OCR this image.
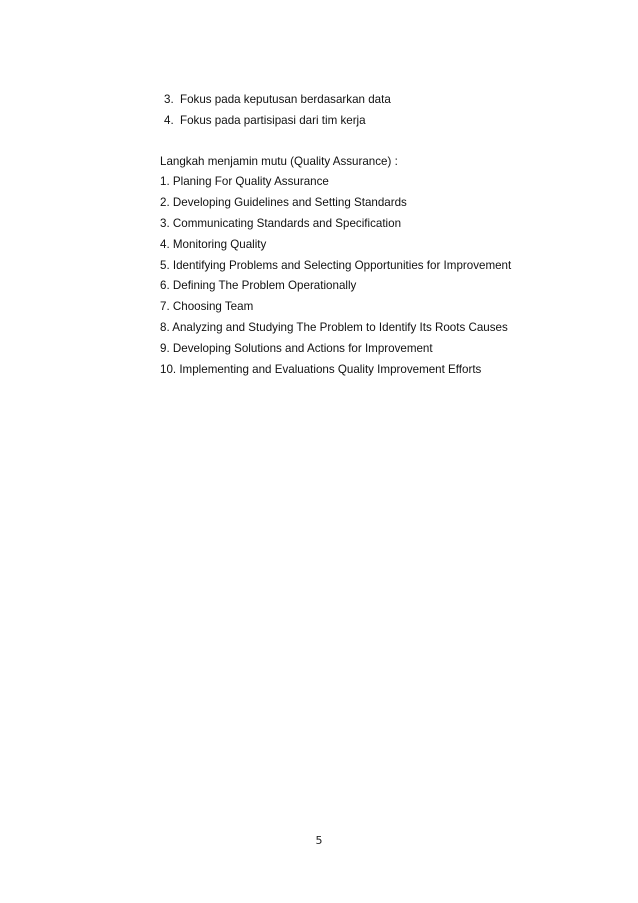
3. Fokus pada keputusan berdasarkan data
4. Fokus pada partisipasi dari tim kerja
Langkah menjamin mutu (Quality Assurance) :
1. Planing For Quality Assurance
2. Developing Guidelines and Setting Standards
3. Communicating Standards and Specification
4. Monitoring Quality
5. Identifying Problems and Selecting Opportunities for Improvement
6. Defining The Problem Operationally
7. Choosing Team
8. Analyzing and Studying The Problem to Identify Its Roots Causes
9. Developing Solutions and Actions for Improvement
10. Implementing and Evaluations Quality Improvement Efforts
5
